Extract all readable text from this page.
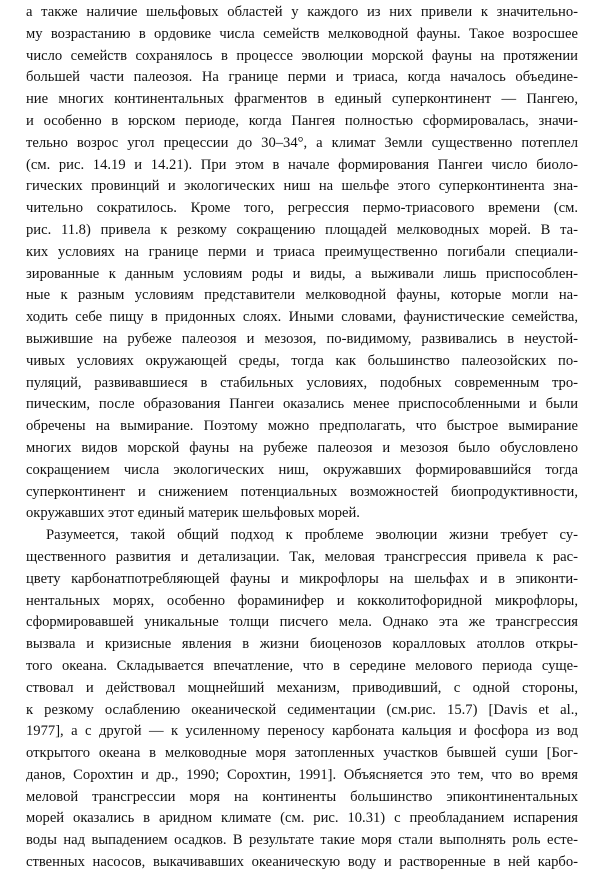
а также наличие шельфовых областей у каждого из них привели к значительно-
му возрастанию в ордовике числа семейств мелководной фауны. Такое возросшее
число семейств сохранялось в процессе эволюции морской фауны на протяжении
большей части палеозоя. На границе перми и триаса, когда началось объедине-
ние многих континентальных фрагментов в единый суперконтинент — Пангею,
и особенно в юрском периоде, когда Пангея полностью сформировалась, значи-
тельно возрос угол прецессии до 30–34°, а климат Земли существенно потеплел
(см. рис. 14.19 и 14.21). При этом в начале формирования Пангеи число биоло-
гических провинций и экологических ниш на шельфе этого суперконтинента зна-
чительно сократилось. Кроме того, регрессия пермо-триасового времени (см.
рис. 11.8) привела к резкому сокращению площадей мелководных морей. В та-
ких условиях на границе перми и триаса преимущественно погибали специали-
зированные к данным условиям роды и виды, а выживали лишь приспособлен-
ные к разным условиям представители мелководной фауны, которые могли на-
ходить себе пищу в придонных слоях. Иными словами, фаунистические семейства,
выжившие на рубеже палеозоя и мезозоя, по-видимому, развивались в неустой-
чивых условиях окружающей среды, тогда как большинство палеозойских по-
пуляций, развивавшиеся в стабильных условиях, подобных современным тро-
пическим, после образования Пангеи оказались менее приспособленными и были
обречены на вымирание. Поэтому можно предполагать, что быстрое вымирание
многих видов морской фауны на рубеже палеозоя и мезозоя было обусловлено
сокращением числа экологических ниш, окружавших формировавшийся тогда
суперконтинент и снижением потенциальных возможностей биопродуктивности,
окружавших этот единый материк шельфовых морей.
Разумеется, такой общий подход к проблеме эволюции жизни требует су-
щественного развития и детализации. Так, меловая трансгрессия привела к рас-
цвету карбонатпотребляющей фауны и микрофлоры на шельфах и в эпиконти-
нентальных морях, особенно фораминифер и кокколитофоридной микрофлоры,
сформировавшей уникальные толщи писчего мела. Однако эта же трансгрессия
вызвала и кризисные явления в жизни биоценозов коралловых атоллов откры-
того океана. Складывается впечатление, что в середине мелового периода суще-
ствовал и действовал мощнейший механизм, приводивший, с одной стороны,
к резкому ослаблению океанической седиментации (см.рис. 15.7) [Davis et al.,
1977], а с другой — к усиленному переносу карбоната кальция и фосфора из вод
открытого океана в мелководные моря затопленных участков бывшей суши [Бог-
данов, Сорохтин и др., 1990; Сорохтин, 1991]. Объясняется это тем, что во время
меловой трансгрессии моря на континенты большинство эпиконтинентальных
морей оказались в аридном климате (см. рис. 10.31) с преобладанием испарения
воды над выпадением осадков. В результате такие моря стали выполнять роль есте-
ственных насосов, выкачивавших океаническую воду и растворенные в ней карбо-
